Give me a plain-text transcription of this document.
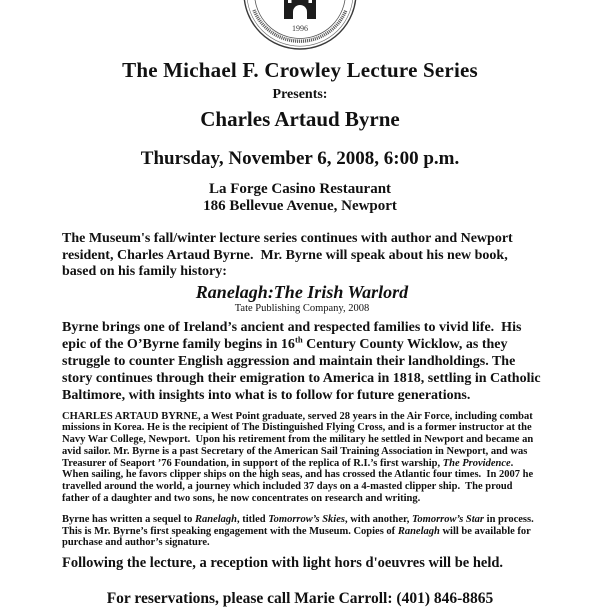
1996
The Michael F. Crowley Lecture Series
Presents:
Charles Artaud Byrne
Thursday, November 6, 2008, 6:00 p.m.
La Forge Casino Restaurant
186 Bellevue Avenue, Newport
The Museum's fall/winter lecture series continues with author and Newport resident, Charles Artaud Byrne.  Mr. Byrne will speak about his new book, based on his family history:
Ranelagh:The Irish Warlord
Tate Publishing Company, 2008
Byrne brings one of Ireland’s ancient and respected families to vivid life.  His epic of the O’Byrne family begins in 16th Century County Wicklow, as they struggle to counter English aggression and maintain their landholdings. The story continues through their emigration to America in 1818, settling in Catholic Baltimore, with insights into what is to follow for future generations.
CHARLES ARTAUD BYRNE, a West Point graduate, served 28 years in the Air Force, including combat missions in Korea. He is the recipient of The Distinguished Flying Cross, and is a former instructor at the Navy War College, Newport.  Upon his retirement from the military he settled in Newport and became an avid sailor. Mr. Byrne is a past Secretary of the American Sail Training Association in Newport, and was Treasurer of Seaport ’76 Foundation, in support of the replica of R.I.’s first warship, The Providence.  When sailing, he favors clipper ships on the high seas, and has crossed the Atlantic four times.  In 2007 he travelled around the world, a journey which included 37 days on a 4-masted clipper ship.  The proud father of a daughter and two sons, he now concentrates on research and writing.
Byrne has written a sequel to Ranelagh, titled Tomorrow’s Skies, with another, Tomorrow’s Star in process. This is Mr. Byrne’s first speaking engagement with the Museum. Copies of Ranelagh will be available for purchase and author’s signature.
Following the lecture, a reception with light hors d'oeuvres will be held.
For reservations, please call Marie Carroll: (401) 846-8865
